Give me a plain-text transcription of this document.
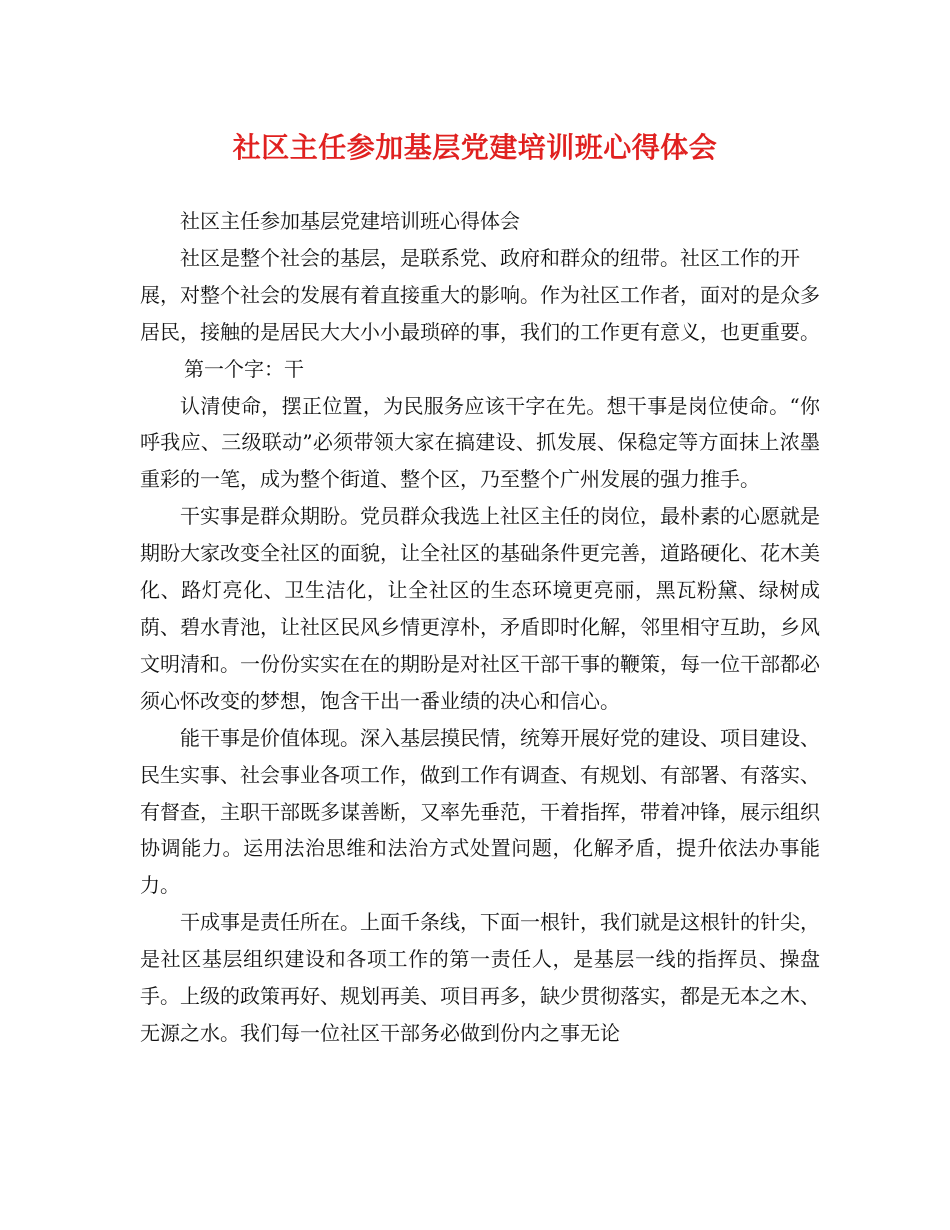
社区主任参加基层党建培训班心得体会

社区主任参加基层党建培训班心得体会

社区是整个社会的基层，是联系党、政府和群众的纽带。社区工作的开展，对整个社会的发展有着直接重大的影响。作为社区工作者，面对的是众多居民，接触的是居民大大小小最琐碎的事，我们的工作更有意义，也更重要。第一个字：干

认清使命，摆正位置，为民服务应该干字在先。想干事是岗位使命。“你呼我应、三级联动”必须带领大家在搞建设、抓发展、保稳定等方面抹上浓墨重彩的一笔，成为整个街道、整个区，乃至整个广州发展的强力推手。

干实事是群众期盼。党员群众我选上社区主任的岗位，最朴素的心愿就是期盼大家改变全社区的面貌，让全社区的基础条件更完善，道路硬化、花木美化、路灯亮化、卫生洁化，让全社区的生态环境更亮丽，黑瓦粉黛、绿树成荫、碧水青池，让社区民风乡情更淳朴，矛盾即时化解，邻里相守互助，乡风文明清和。一份份实实在在的期盼是对社区干部干事的鞭策，每一位干部都必须心怀改变的梦想，饱含干出一番业绩的决心和信心。

能干事是价值体现。深入基层摸民情，统筹开展好党的建设、项目建设、民生实事、社会事业各项工作，做到工作有调查、有规划、有部署、有落实、有督查，主职干部既多谋善断，又率先垂范，干着指挥，带着冲锋，展示组织协调能力。运用法治思维和法治方式处置问题，化解矛盾，提升依法办事能力。

干成事是责任所在。上面千条线，下面一根针，我们就是这根针的针尖，是社区基层组织建设和各项工作的第一责任人，是基层一线的指挥员、操盘手。上级的政策再好、规划再美、项目再多，缺少贯彻落实，都是无本之木、无源之水。我们每一位社区干部务必做到份内之事无论
